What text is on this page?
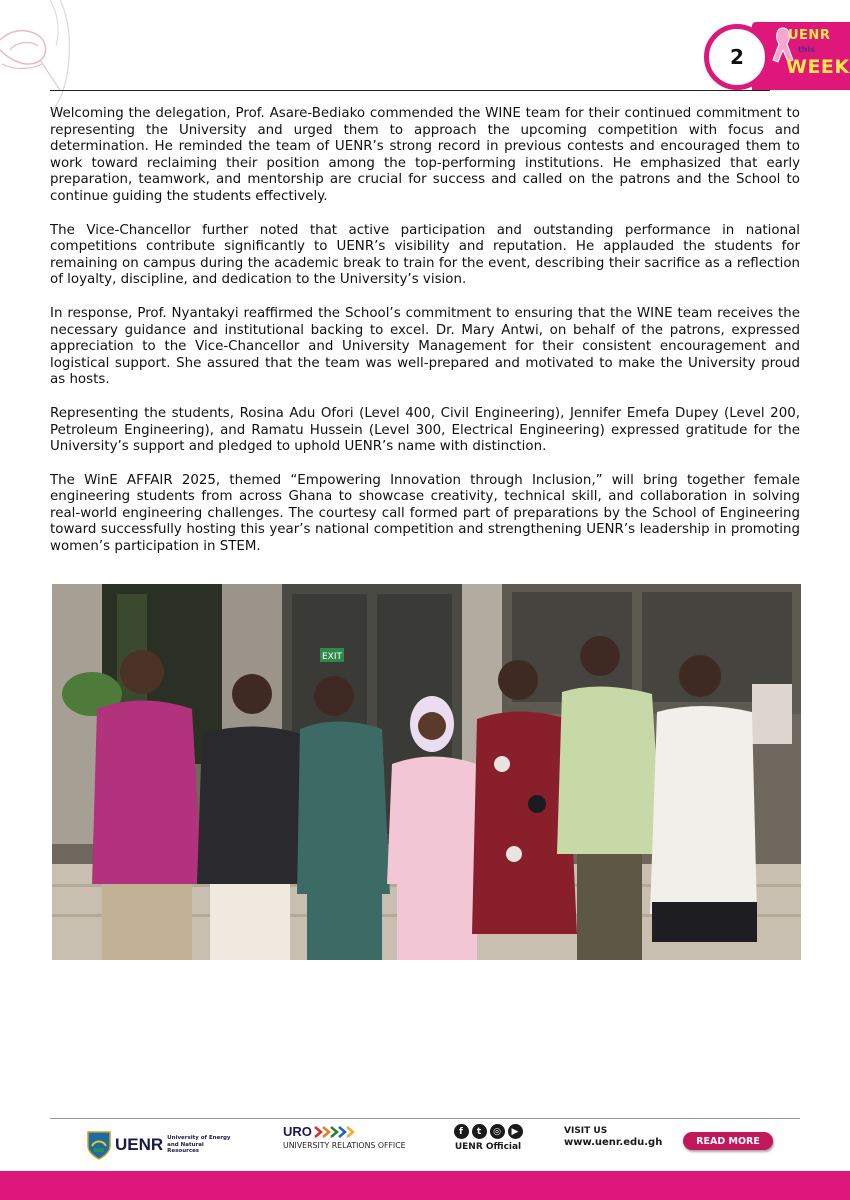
2
UENR
this
WEEK

Welcoming the delegation, Prof. Asare-Bediako commended the WINE team for their continued commitment to representing the University and urged them to approach the upcoming competition with focus and determination. He reminded the team of UENR’s strong record in previous contests and encouraged them to work toward reclaiming their position among the top-performing institutions. He emphasized that early preparation, teamwork, and mentorship are crucial for success and called on the patrons and the School to continue guiding the students effectively.

The Vice-Chancellor further noted that active participation and outstanding performance in national competitions contribute significantly to UENR’s visibility and reputation. He applauded the students for remaining on campus during the academic break to train for the event, describing their sacrifice as a reflection of loyalty, discipline, and dedication to the University’s vision.

In response, Prof. Nyantakyi reaffirmed the School’s commitment to ensuring that the WINE team receives the necessary guidance and institutional backing to excel. Dr. Mary Antwi, on behalf of the patrons, expressed appreciation to the Vice-Chancellor and University Management for their consistent encouragement and logistical support. She assured that the team was well-prepared and motivated to make the University proud as hosts.

Representing the students, Rosina Adu Ofori (Level 400, Civil Engineering), Jennifer Emefa Dupey (Level 200, Petroleum Engineering), and Ramatu Hussein (Level 300, Electrical Engineering) expressed gratitude for the University’s support and pledged to uphold UENR’s name with distinction.

The WinE AFFAIR 2025, themed “Empowering Innovation through Inclusion,” will bring together female engineering students from across Ghana to showcase creativity, technical skill, and collaboration in solving real-world engineering challenges. The courtesy call formed part of preparations by the School of Engineering toward successfully hosting this year’s national competition and strengthening UENR’s leadership in promoting women’s participation in STEM.

EXIT
UENR University of Energy and Natural Resources
URO
UNIVERSITY RELATIONS OFFICE
f	t	◎	▶
UENR Official
VISIT US
www.uenr.edu.gh	READ MORE
